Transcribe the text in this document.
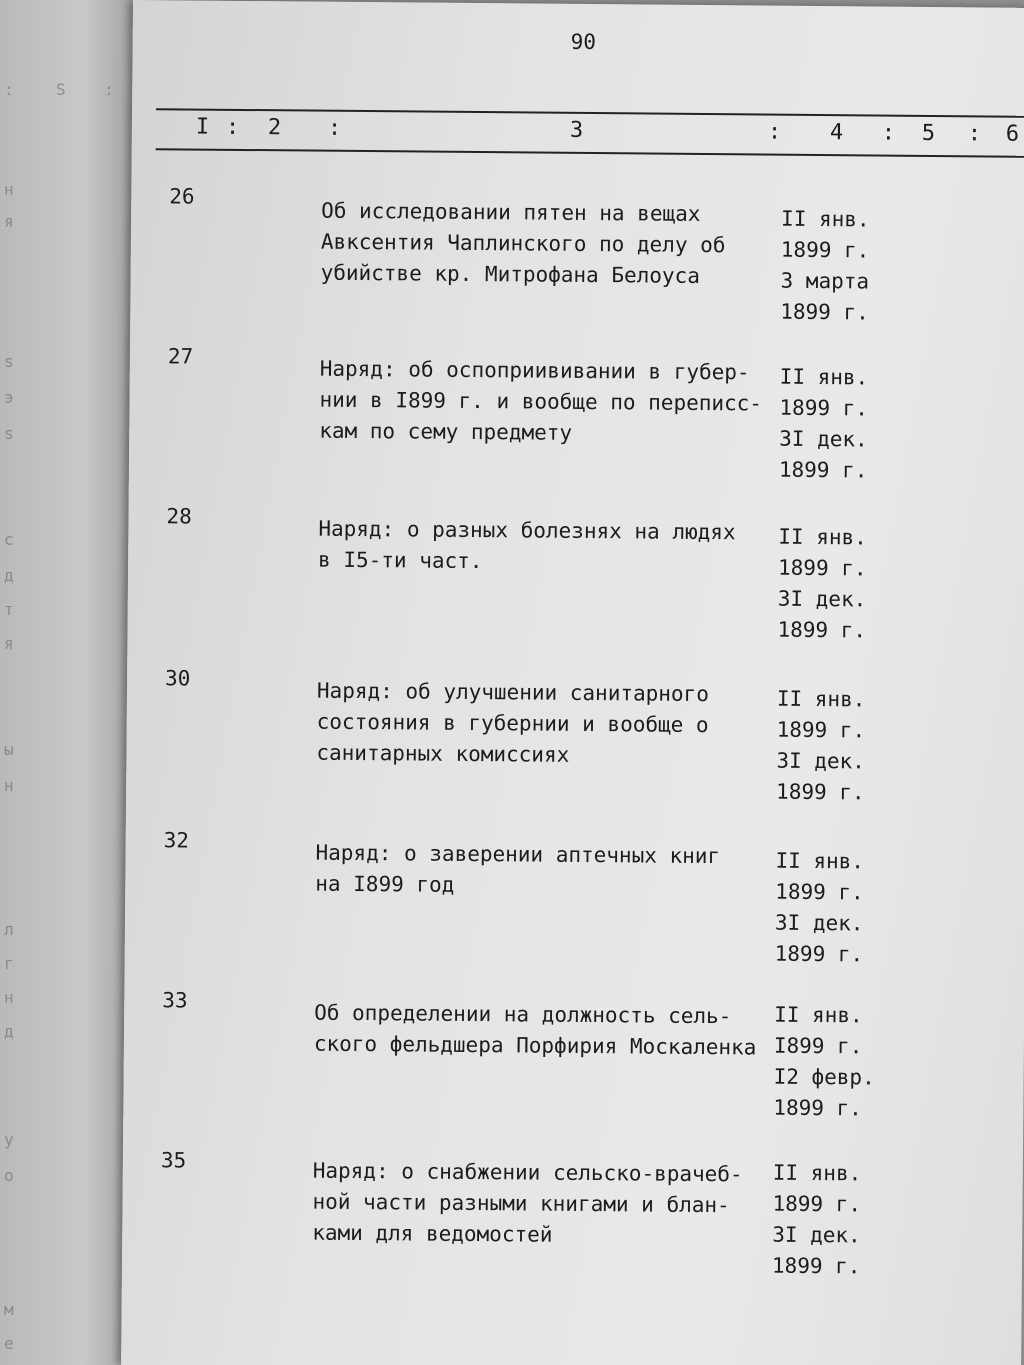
:	S :
н
я
s
э
s
с
д
т
я
ы
н
л
г
н
д
у
о
м
е
90
I : 2 :	3	: 4 : 5 : 6
26
Об исследовании пятен на вещах
Авксентия Чаплинского по делу об
убийстве кр. Митрофана Белоуса
II янв.
1899 г.
3 марта
1899 г.
27
Наряд: об оспоприививании в губер-
нии в I899 г. и вообще по переписс-
кам по сему предмету
II янв.
1899 г.
3I дек.
1899 г.
28
Наряд: о разных болезнях на людях
в I5-ти част.
II янв.
1899 г.
3I дек.
1899 г.
30
Наряд: об улучшении санитарного
состояния в губернии и вообще о
санитарных комиссиях
II янв.
1899 г.
3I дек.
1899 г.
32
Наряд: о заверении аптечных книг
на I899 год
II янв.
1899 г.
3I дек.
1899 г.
33
Об определении на должность сель-
ского фельдшера Порфирия Москаленка
II янв.
I899 г.
I2 февр.
1899 г.
35	Наряд: о снабжении сельско-врачеб-
ной части разными книгами и блан-
ками для ведомостей
II янв.
1899 г.
3I дек.
1899 г.
